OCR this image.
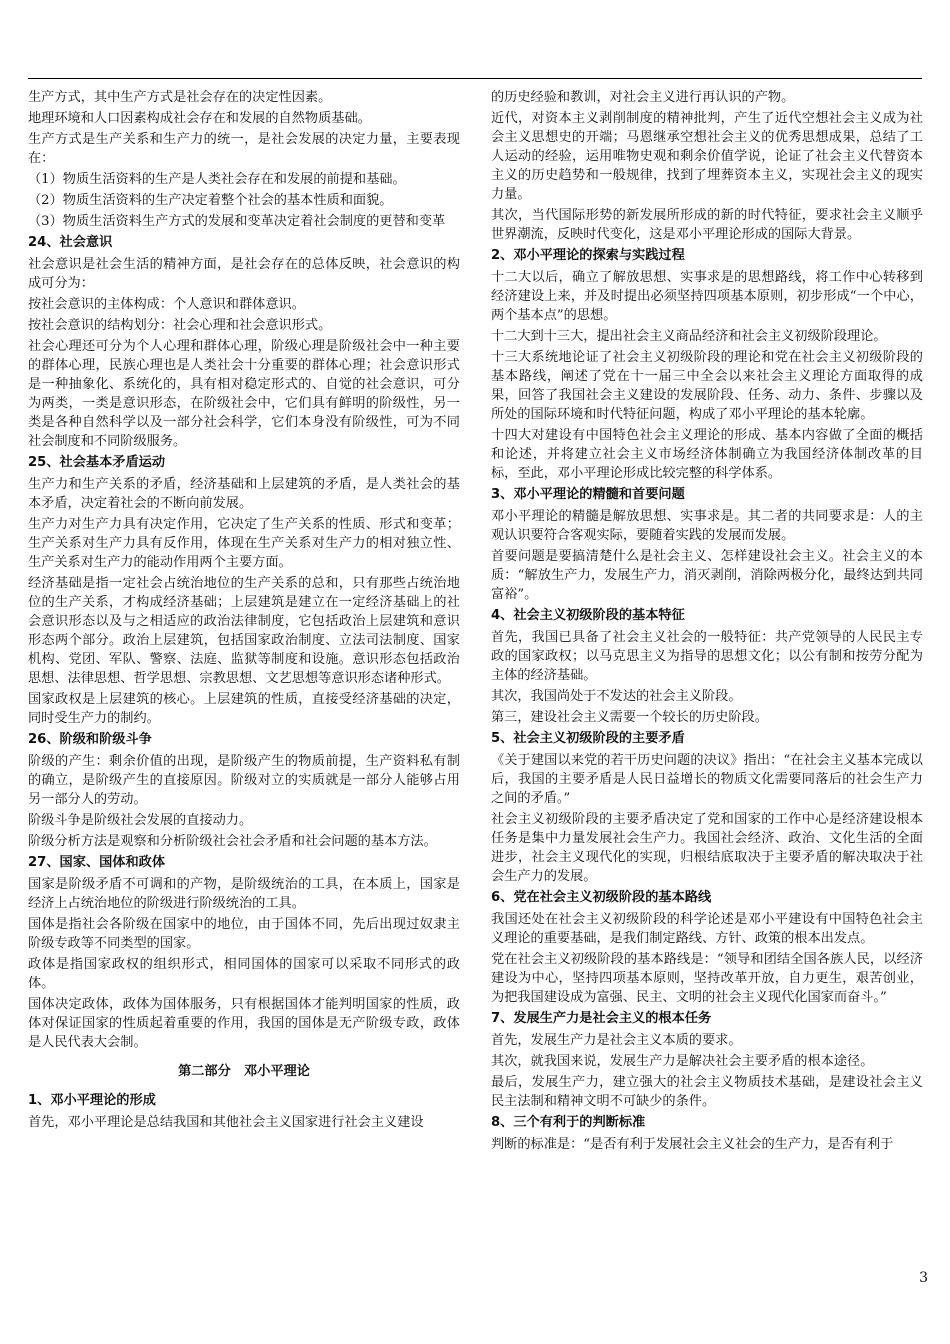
生产方式，其中生产方式是社会存在的决定性因素。
地理环境和人口因素构成社会存在和发展的自然物质基础。
生产方式是生产关系和生产力的统一，是社会发展的决定力量，主要表现在：
（1）物质生活资料的生产是人类社会存在和发展的前提和基础。
（2）物质生活资料的生产决定着整个社会的基本性质和面貌。
（3）物质生活资料生产方式的发展和变革决定着社会制度的更替和变革
24、社会意识
社会意识是社会生活的精神方面，是社会存在的总体反映，社会意识的构成可分为：
按社会意识的主体构成：个人意识和群体意识。
按社会意识的结构划分：社会心理和社会意识形式。
社会心理还可分为个人心理和群体心理，阶级心理是阶级社会中一种主要的群体心理，民族心理也是人类社会十分重要的群体心理；社会意识形式是一种抽象化、系统化的，具有相对稳定形式的、自觉的社会意识，可分为两类，一类是意识形态，在阶级社会中，它们具有鲜明的阶级性，另一类是各种自然科学以及一部分社会科学，它们本身没有阶级性，可为不同社会制度和不同阶级服务。
25、社会基本矛盾运动
生产力和生产关系的矛盾，经济基础和上层建筑的矛盾，是人类社会的基本矛盾，决定着社会的不断向前发展。
生产力对生产力具有决定作用，它决定了生产关系的性质、形式和变革；生产关系对生产力具有反作用，体现在生产关系对生产力的相对独立性、生产关系对生产力的能动作用两个主要方面。
经济基础是指一定社会占统治地位的生产关系的总和，只有那些占统治地位的生产关系，才构成经济基础；上层建筑是建立在一定经济基础上的社会意识形态以及与之相适应的政治法律制度，它包括政治上层建筑和意识形态两个部分。政治上层建筑，包括国家政治制度、立法司法制度、国家机构、党团、军队、警察、法庭、监狱等制度和设施。意识形态包括政治思想、法律思想、哲学思想、宗教思想、文艺思想等意识形态诸种形式。
国家政权是上层建筑的核心。上层建筑的性质，直接受经济基础的决定，同时受生产力的制约。
26、阶级和阶级斗争
阶级的产生：剩余价值的出现，是阶级产生的物质前提，生产资料私有制的确立，是阶级产生的直接原因。阶级对立的实质就是一部分人能够占用另一部分人的劳动。
阶级斗争是阶级社会发展的直接动力。
阶级分析方法是观察和分析阶级社会社会矛盾和社会问题的基本方法。
27、国家、国体和政体
国家是阶级矛盾不可调和的产物，是阶级统治的工具，在本质上，国家是经济上占统治地位的阶级进行阶级统治的工具。
国体是指社会各阶级在国家中的地位，由于国体不同，先后出现过奴隶主阶级专政等不同类型的国家。
政体是指国家政权的组织形式，相同国体的国家可以采取不同形式的政体。
国体决定政体，政体为国体服务，只有根据国体才能判明国家的性质，政体对保证国家的性质起着重要的作用，我国的国体是无产阶级专政，政体是人民代表大会制。
第二部分　邓小平理论
1、邓小平理论的形成
首先，邓小平理论是总结我国和其他社会主义国家进行社会主义建设
的历史经验和教训，对社会主义进行再认识的产物。
近代，对资本主义剥削制度的精神批判，产生了近代空想社会主义成为社会主义思想史的开端；马恩继承空想社会主义的优秀思想成果，总结了工人运动的经验，运用唯物史观和剩余价值学说，论证了社会主义代替资本主义的历史趋势和一般规律，找到了埋葬资本主义，实现社会主义的现实力量。
其次，当代国际形势的新发展所形成的新的时代特征，要求社会主义顺乎世界潮流，反映时代变化，这是邓小平理论形成的国际大背景。
2、邓小平理论的探索与实践过程
十二大以后，确立了解放思想、实事求是的思想路线，将工作中心转移到经济建设上来，并及时提出必须坚持四项基本原则，初步形成“一个中心，两个基本点”的思想。
十二大到十三大，提出社会主义商品经济和社会主义初级阶段理论。
十三大系统地论证了社会主义初级阶段的理论和党在社会主义初级阶段的基本路线，阐述了党在十一届三中全会以来社会主义理论方面取得的成果，回答了我国社会主义建设的发展阶段、任务、动力、条件、步骤以及所处的国际环境和时代特征问题，构成了邓小平理论的基本轮廓。
十四大对建设有中国特色社会主义理论的形成、基本内容做了全面的概括和论述，并将建立社会主义市场经济体制确立为我国经济体制改革的目标，至此，邓小平理论形成比较完整的科学体系。
3、邓小平理论的精髓和首要问题
邓小平理论的精髓是解放思想、实事求是。其二者的共同要求是：人的主观认识要符合客观实际，要随着实践的发展而发展。
首要问题是要搞清楚什么是社会主义、怎样建设社会主义。社会主义的本质：“解放生产力，发展生产力，消灭剥削，消除两极分化，最终达到共同富裕”。
4、社会主义初级阶段的基本特征
首先，我国已具备了社会主义社会的一般特征：共产党领导的人民民主专政的国家政权；以马克思主义为指导的思想文化；以公有制和按劳分配为主体的经济基础。
其次，我国尚处于不发达的社会主义阶段。
第三，建设社会主义需要一个较长的历史阶段。
5、社会主义初级阶段的主要矛盾
《关于建国以来党的若干历史问题的决议》指出：“在社会主义基本完成以后，我国的主要矛盾是人民日益增长的物质文化需要同落后的社会生产力之间的矛盾。”
社会主义初级阶段的主要矛盾决定了党和国家的工作中心是经济建设根本任务是集中力量发展社会生产力。我国社会经济、政治、文化生活的全面进步，社会主义现代化的实现，归根结底取决于主要矛盾的解决取决于社会生产力的发展。
6、党在社会主义初级阶段的基本路线
我国还处在社会主义初级阶段的科学论述是邓小平建设有中国特色社会主义理论的重要基础，是我们制定路线、方针、政策的根本出发点。
党在社会主义初级阶段的基本路线是：“领导和团结全国各族人民，以经济建设为中心，坚持四项基本原则，坚持改革开放，自力更生，艰苦创业，为把我国建设成为富强、民主、文明的社会主义现代化国家而奋斗。”
7、发展生产力是社会主义的根本任务
首先，发展生产力是社会主义本质的要求。
其次，就我国来说，发展生产力是解决社会主要矛盾的根本途径。
最后，发展生产力，建立强大的社会主义物质技术基础，是建设社会主义民主法制和精神文明不可缺少的条件。
8、三个有利于的判断标准
判断的标准是：“是否有利于发展社会主义社会的生产力，是否有利于
3
